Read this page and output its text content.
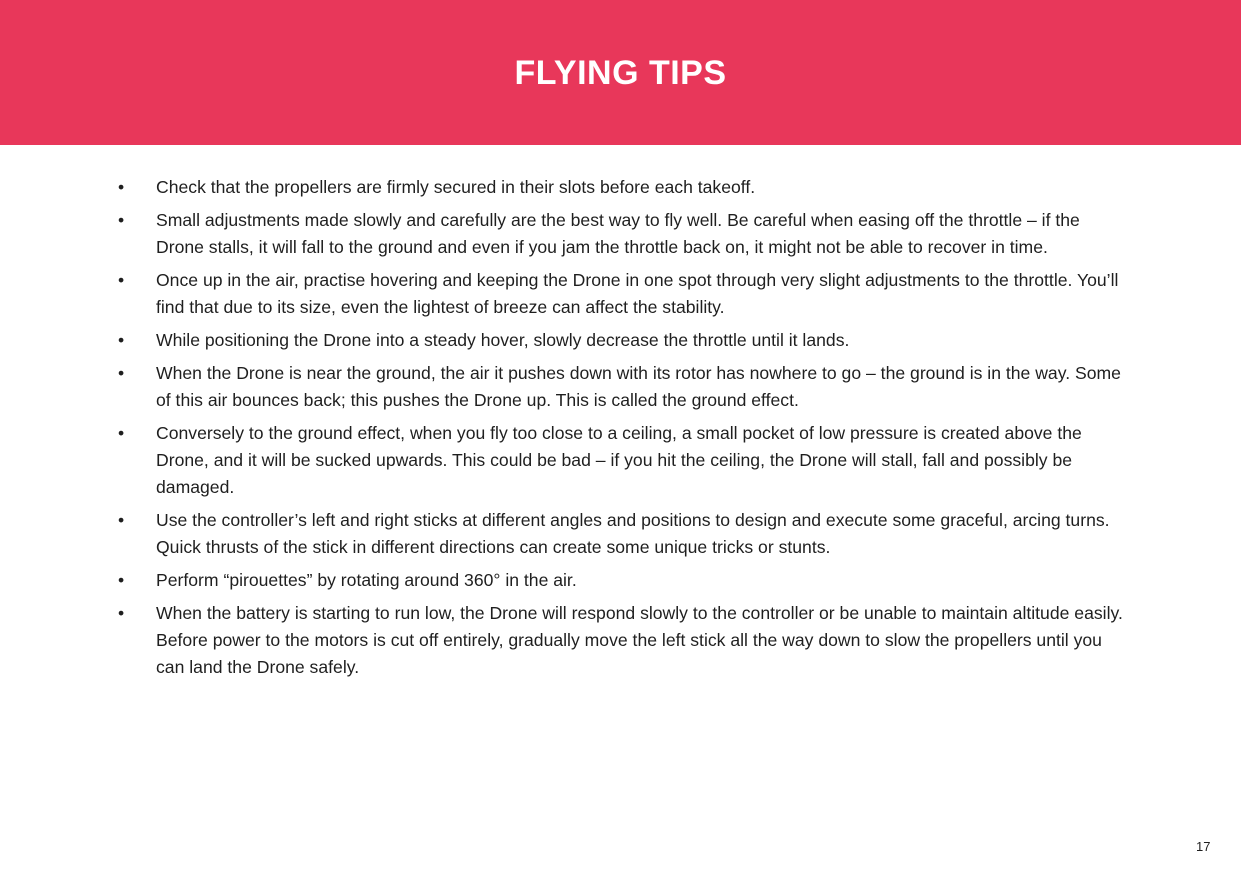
FLYING TIPS
• Check that the propellers are firmly secured in their slots before each takeoff.
• Small adjustments made slowly and carefully are the best way to fly well. Be careful when easing off the throttle – if the Drone stalls, it will fall to the ground and even if you jam the throttle back on, it might not be able to recover in time.
• Once up in the air, practise hovering and keeping the Drone in one spot through very slight adjustments to the throttle. You’ll find that due to its size, even the lightest of breeze can affect the stability.
• While positioning the Drone into a steady hover, slowly decrease the throttle until it lands.
• When the Drone is near the ground, the air it pushes down with its rotor has nowhere to go – the ground is in the way. Some of this air bounces back; this pushes the Drone up. This is called the ground effect.
• Conversely to the ground effect, when you fly too close to a ceiling, a small pocket of low pressure is created above the Drone, and it will be sucked upwards. This could be bad – if you hit the ceiling, the Drone will stall, fall and possibly be damaged.
• Use the controller’s left and right sticks at different angles and positions to design and execute some graceful, arcing turns. Quick thrusts of the stick in different directions can create some unique tricks or stunts.
• Perform “pirouettes” by rotating around 360° in the air.
• When the battery is starting to run low, the Drone will respond slowly to the controller or be unable to maintain altitude easily. Before power to the motors is cut off entirely, gradually move the left stick all the way down to slow the propellers until you can land the Drone safely.
17
